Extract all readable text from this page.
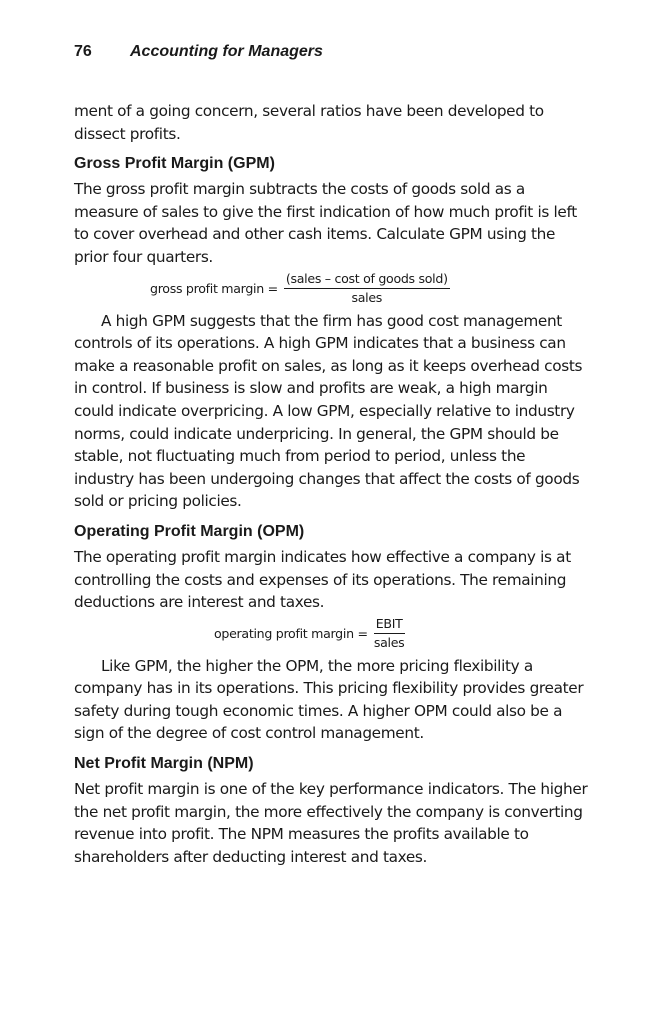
76 Accounting for Managers

ment of a going concern, several ratios have been developed to dissect profits.

Gross Profit Margin (GPM)

The gross profit margin subtracts the costs of goods sold as a measure of sales to give the first indication of how much profit is left to cover overhead and other cash items. Calculate GPM using the prior four quarters.

gross profit margin = $\frac{\text{(sales – cost of goods sold)}}{\text{sales}}$

A high GPM suggests that the firm has good cost management controls of its operations. A high GPM indicates that a business can make a reasonable profit on sales, as long as it keeps overhead costs in control. If business is slow and profits are weak, a high margin could indicate overpricing. A low GPM, especially relative to industry norms, could indicate underpricing. In general, the GPM should be stable, not fluctuating much from period to period, unless the industry has been undergoing changes that affect the costs of goods sold or pricing policies.

Operating Profit Margin (OPM)

The operating profit margin indicates how effective a company is at controlling the costs and expenses of its operations. The remaining deductions are interest and taxes.

operating profit margin = $\frac{\text{EBIT}}{\text{sales}}$

Like GPM, the higher the OPM, the more pricing flexibility a company has in its operations. This pricing flexibility provides greater safety during tough economic times. A higher OPM could also be a sign of the degree of cost control management.

Net Profit Margin (NPM)

Net profit margin is one of the key performance indicators. The higher the net profit margin, the more effectively the company is converting revenue into profit. The NPM measures the profits available to shareholders after deducting interest and taxes.
